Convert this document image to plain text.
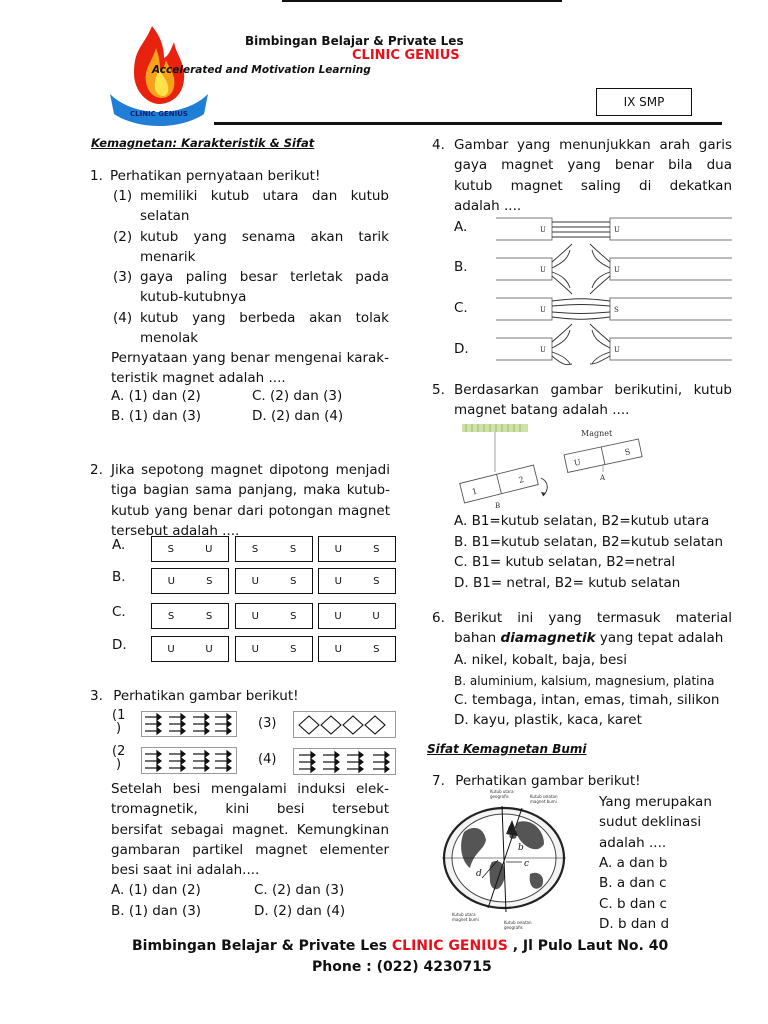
CLINIC GENIUS
Bimbingan Belajar & Private Les
CLINIC GENIUS
Accelerated and Motivation Learning
IX SMP
Kemagnetan: Karakteristik & Sifat
1. Perhatikan pernyataan berikut!
(1) memiliki kutub utara dan kutub
selatan
(2) kutub yang senama akan tarik
menarik
(3) gaya paling besar terletak pada
kutub-kutubnya
(4) kutub yang berbeda akan tolak
menolak
Pernyataan yang benar mengenai karak-
teristik magnet adalah ....
A. (1) dan (2)	C. (2) dan (3)
B. (1) dan (3)	D. (2) dan (4)
2. Jika sepotong magnet dipotong menjadi
tiga bagian sama panjang, maka kutub-
kutub yang benar dari potongan magnet
tersebut adalah ....
A.	S	U	S	S	U	S
B.	U	S	U	S	U	S
C.	S	S	U	S	U	U
D.	U	U	U	S	U	S
3. Perhatikan gambar berikut!
(1
)
(2
)
(3)
(4)
Setelah besi mengalami induksi elek-
tromagnetik, kini besi tersebut
bersifat sebagai magnet. Kemungkinan
gambaran partikel magnet elementer
besi saat ini adalah....
A. (1) dan (2)	C. (2) dan (3)
B. (1) dan (3)	D. (2) dan (4)
4. Gambar yang menunjukkan arah garis
gaya magnet yang benar bila dua
kutub magnet saling di dekatkan
adalah ....
A.
B.
C.
D.
U	U
U	U
U	S
U	U
5. Berdasarkan gambar berikutini, kutub
magnet batang adalah ....
1
2
B
Magnet
U
S
A
A. B1=kutub selatan, B2=kutub utara
B. B1=kutub selatan, B2=kutub selatan
C. B1= kutub selatan, B2=netral
D. B1= netral, B2= kutub selatan
6. Berikut ini yang termasuk material
bahan diamagnetik yang tepat adalah
A. nikel, kobalt, baja, besi
B. aluminium, kalsium, magnesium, platina
C. tembaga, intan, emas, timah, silikon
D. kayu, plastik, kaca, karet
Sifat Kemagnetan Bumi
7. Perhatikan gambar berikut!
Kutub utara
geografis	Kutub selatan
magnet bumi
Kutub utara
magnet bumi
Kutub selatan
geografis
a
b
c
d
Yang merupakan
sudut deklinasi
adalah ....
A. a dan b
B. a dan c
C. b dan c
D. b dan d
Bimbingan Belajar & Private Les CLINIC GENIUS , Jl Pulo Laut No. 40
Phone : (022) 4230715
